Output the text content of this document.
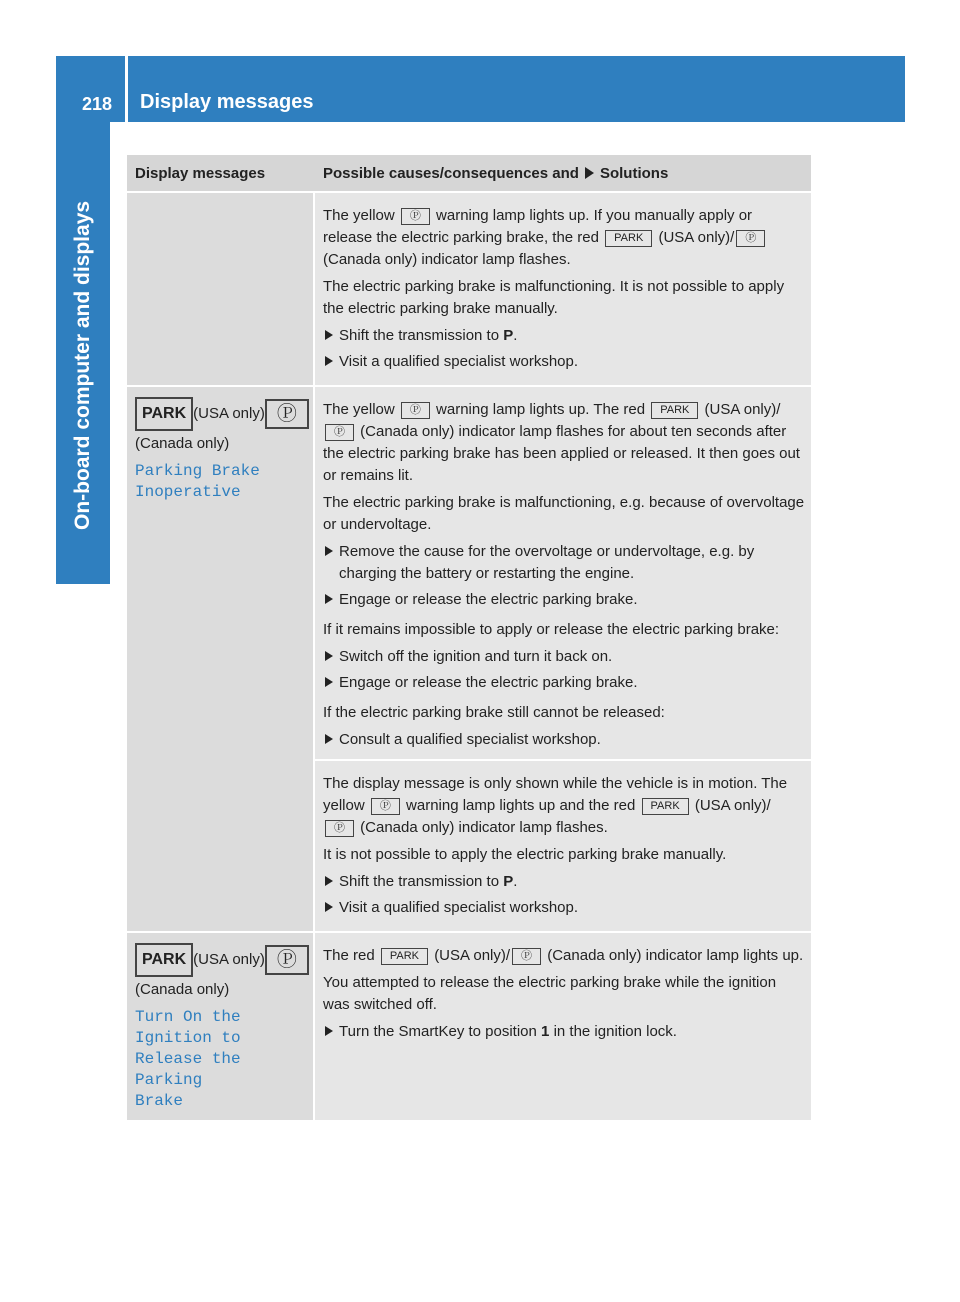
218 Display messages
On-board computer and displays
Display messages	Possible causes/consequences and Solutions

The yellow Ⓟ warning lamp lights up. If you manually apply or release the electric parking brake, the red PARK (USA only)/ Ⓟ (Canada only) indicator lamp flashes.

The electric parking brake is malfunctioning. It is not possible to apply the electric parking brake manually.

Shift the transmission to P.
Visit a qualified specialist workshop.
PARK (USA only) Ⓟ(Canada only)
Parking Brake Inoperative

The yellow Ⓟ warning lamp lights up. The red PARK (USA only)/Ⓟ (Canada only) indicator lamp flashes for about ten seconds after the electric parking brake has been applied or released. It then goes out or remains lit.

The electric parking brake is malfunctioning, e.g. because of overvoltage or undervoltage.

Remove the cause for the overvoltage or undervoltage, e.g. by charging the battery or restarting the engine.
Engage or release the electric parking brake.

If it remains impossible to apply or release the electric parking brake:

Switch off the ignition and turn it back on.
Engage or release the electric parking brake.

If the electric parking brake still cannot be released:

Consult a qualified specialist workshop.

The display message is only shown while the vehicle is in motion. The yellow Ⓟ warning lamp lights up and the red PARK (USA only)/ Ⓟ (Canada only) indicator lamp flashes.

It is not possible to apply the electric parking brake manually.

Shift the transmission to P.
Visit a qualified specialist workshop.
PARK (USA only) Ⓟ(Canada only)
Turn On the Ignition to Release the Parking Brake

The red PARK (USA only)/ Ⓟ (Canada only) indicator lamp lights up.

You attempted to release the electric parking brake while the ignition was switched off.

Turn the SmartKey to position 1 in the ignition lock.
